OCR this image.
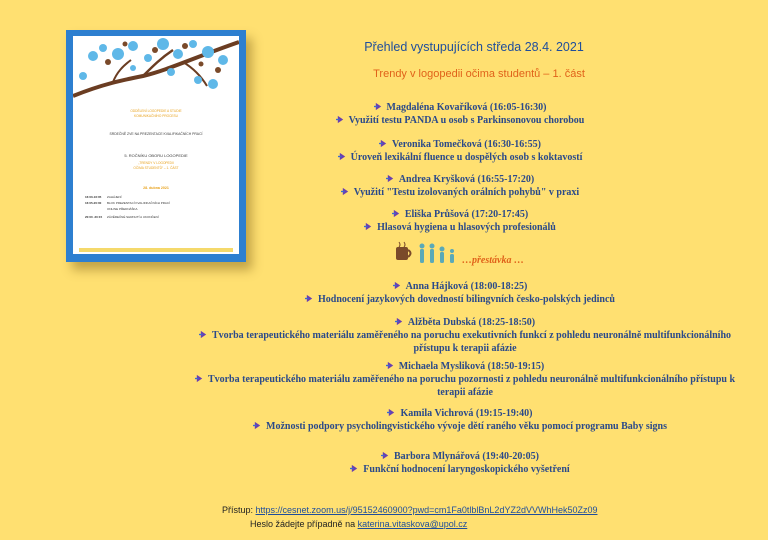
ODDĚLENÍ LOGOPEDIE A STUDIE
KOMUNIKAČNÍHO PROCESU
SRDEČNĚ ZVE NA PREZENTACE KVALIFIKAČNÍCH PRACÍ
5. ROČNÍKU OBORU LOGOPEDIE
„TRENDY V LOGOPEDII
OČIMA STUDENTŮ“ – 1. ČÁST
28. dubna 2021
16:00-16:05 ZAHÁJENÍ
16:05-20:00 BLOK PREZENTACÍ KVALIFIKAČNÍCH PRACÍ
ONLINE PŘEDNÁŠKA
20:00 -20:15 ZÁVĚREČNÉ SHRNUTÍ A UKONČENÍ
Přehled vystupujících středa 28.4. 2021
Trendy v logopedii očima studentů – 1. část
Magdaléna Kovaříková (16:05-16:30)
Využití testu PANDA u osob s Parkinsonovou chorobou
Veronika Tomečková (16:30-16:55)
Úroveň lexikální fluence u dospělých osob s koktavostí
Andrea Kryšková (16:55-17:20)
Využití "Testu izolovaných orálních pohybů" v praxi
Eliška Průšová (17:20-17:45)
Hlasová hygiena u hlasových profesionálů
…přestávka …
Anna Hájková (18:00-18:25)
Hodnocení jazykových dovedností bilingvních česko-polských jedinců
Alžběta Dubská (18:25-18:50)
Tvorba terapeutického materiálu zaměřeného na poruchu exekutivních funkcí z pohledu neuronálně multifunkcionálního
přístupu k terapii afázie
Michaela Mysliková (18:50-19:15)
Tvorba terapeutického materiálu zaměřeného na poruchu pozornosti z pohledu neuronálně multifunkcionálního přístupu k
terapii afázie
Kamila Vichrová (19:15-19:40)
Možnosti podpory psycholingvistického vývoje dětí raného věku pomocí programu Baby signs
Barbora Mlynářová (19:40-20:05)
Funkční hodnocení laryngoskopického vyšetření
Přístup: https://cesnet.zoom.us/j/95152460900?pwd=cm1Fa0tlblBnL2dYZ2dVVWhHek50Zz09
Heslo žádejte případně na katerina.vitaskova@upol.cz
